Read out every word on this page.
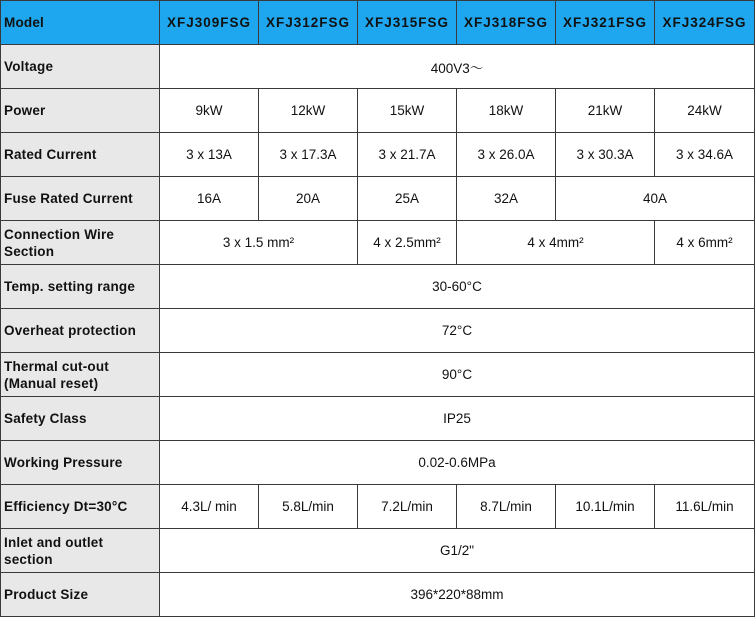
Model	XFJ309FSG	XFJ312FSG	XFJ315FSG	XFJ318FSG	XFJ321FSG	XFJ324FSG
Voltage	400V3～					
Power	9kW	12kW	15kW	18kW	21kW	24kW
Rated Current	3 x 13A	3 x 17.3A	3 x 21.7A	3 x 26.0A	3 x 30.3A	3 x 34.6A
Fuse Rated Current	16A	20A	25A	32A	40A	

Connection Wire
Section	3 x 1.5 mm²		4 x 2.5mm²	4 x 4mm²		4 x 6mm²
Temp. setting range	30-60°C					
Overheat protection	72°C					

Thermal cut-out
(Manual reset)	90°C					
Safety Class	IP25					
Working Pressure	0.02-0.6MPa					
Efficiency Dt=30°C	4.3L/ min	5.8L/min	7.2L/min	8.7L/min	10.1L/min	11.6L/min

Inlet and outlet
section	G1/2"					
Product Size	396*220*88mm					
